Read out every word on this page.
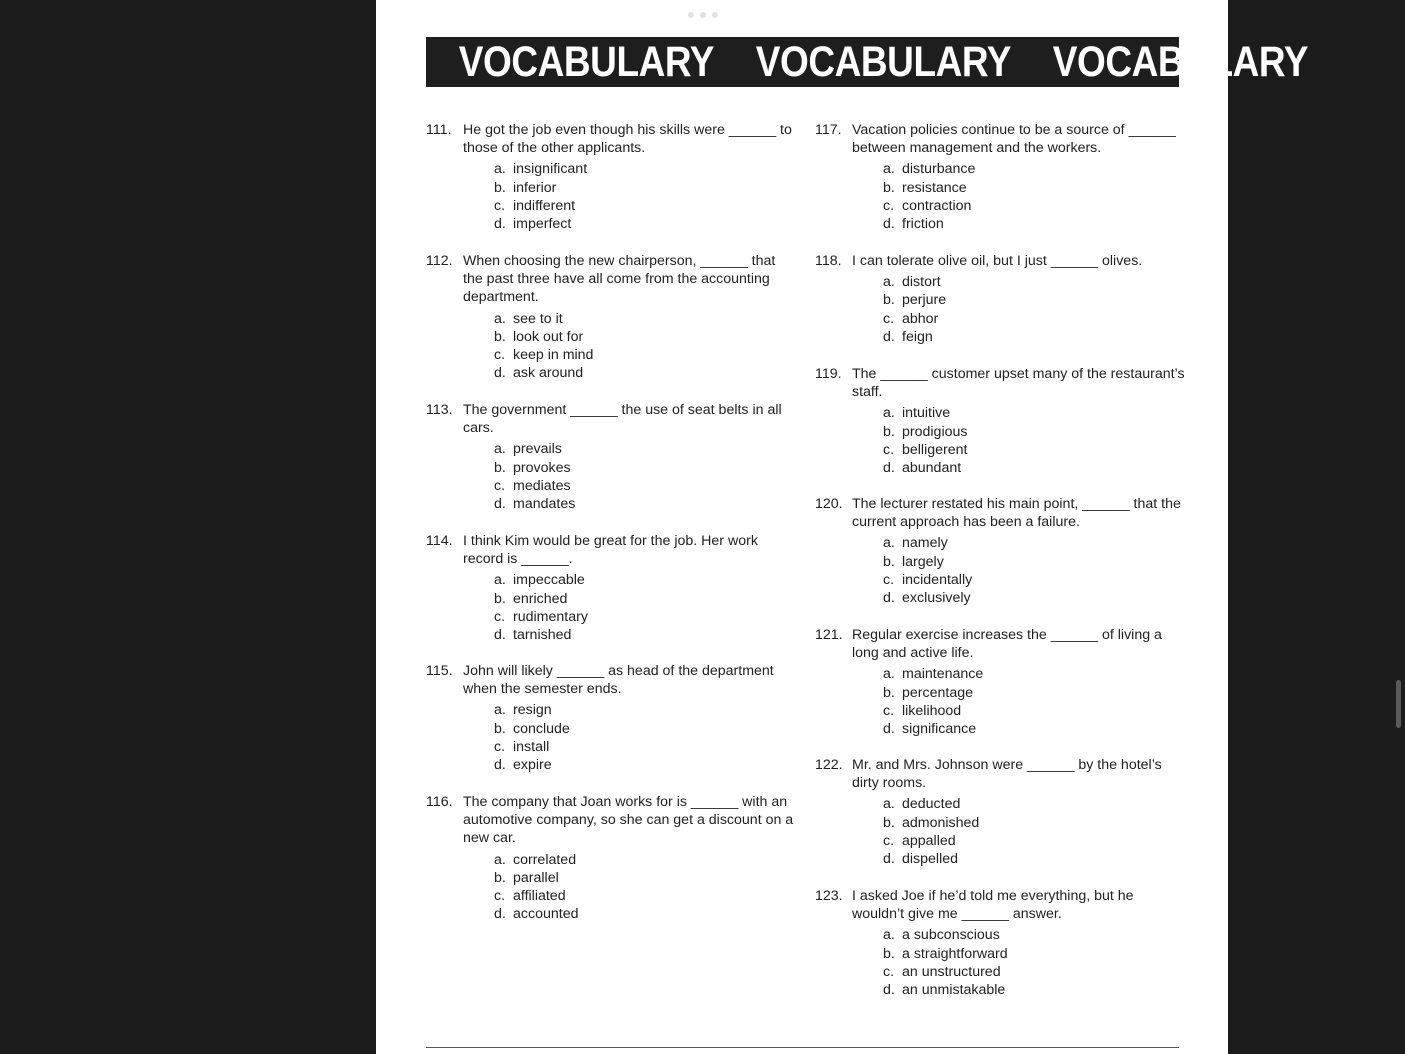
VOCABULARY VOCABULARY VOCABULARY
111. He got the job even though his skills were ______ to those of the other applicants.
a. insignificant
b. inferior
c. indifferent
d. imperfect
112. When choosing the new chairperson, ______ that the past three have all come from the accounting department.
a. see to it
b. look out for
c. keep in mind
d. ask around
113. The government ______ the use of seat belts in all cars.
a. prevails
b. provokes
c. mediates
d. mandates
114. I think Kim would be great for the job. Her work record is ______.
a. impeccable
b. enriched
c. rudimentary
d. tarnished
115. John will likely ______ as head of the department when the semester ends.
a. resign
b. conclude
c. install
d. expire
116. The company that Joan works for is ______ with an automotive company, so she can get a discount on a new car.
a. correlated
b. parallel
c. affiliated
d. accounted
117. Vacation policies continue to be a source of ______ between management and the workers.
a. disturbance
b. resistance
c. contraction
d. friction
118. I can tolerate olive oil, but I just ______ olives.
a. distort
b. perjure
c. abhor
d. feign
119. The ______ customer upset many of the restaurant’s staff.
a. intuitive
b. prodigious
c. belligerent
d. abundant
120. The lecturer restated his main point, ______ that the current approach has been a failure.
a. namely
b. largely
c. incidentally
d. exclusively
121. Regular exercise increases the ______ of living a long and active life.
a. maintenance
b. percentage
c. likelihood
d. significance
122. Mr. and Mrs. Johnson were ______ by the hotel’s dirty rooms.
a. deducted
b. admonished
c. appalled
d. dispelled
123. I asked Joe if he’d told me everything, but he wouldn’t give me ______ answer.
a. a subconscious
b. a straightforward
c. an unstructured
d. an unmistakable
